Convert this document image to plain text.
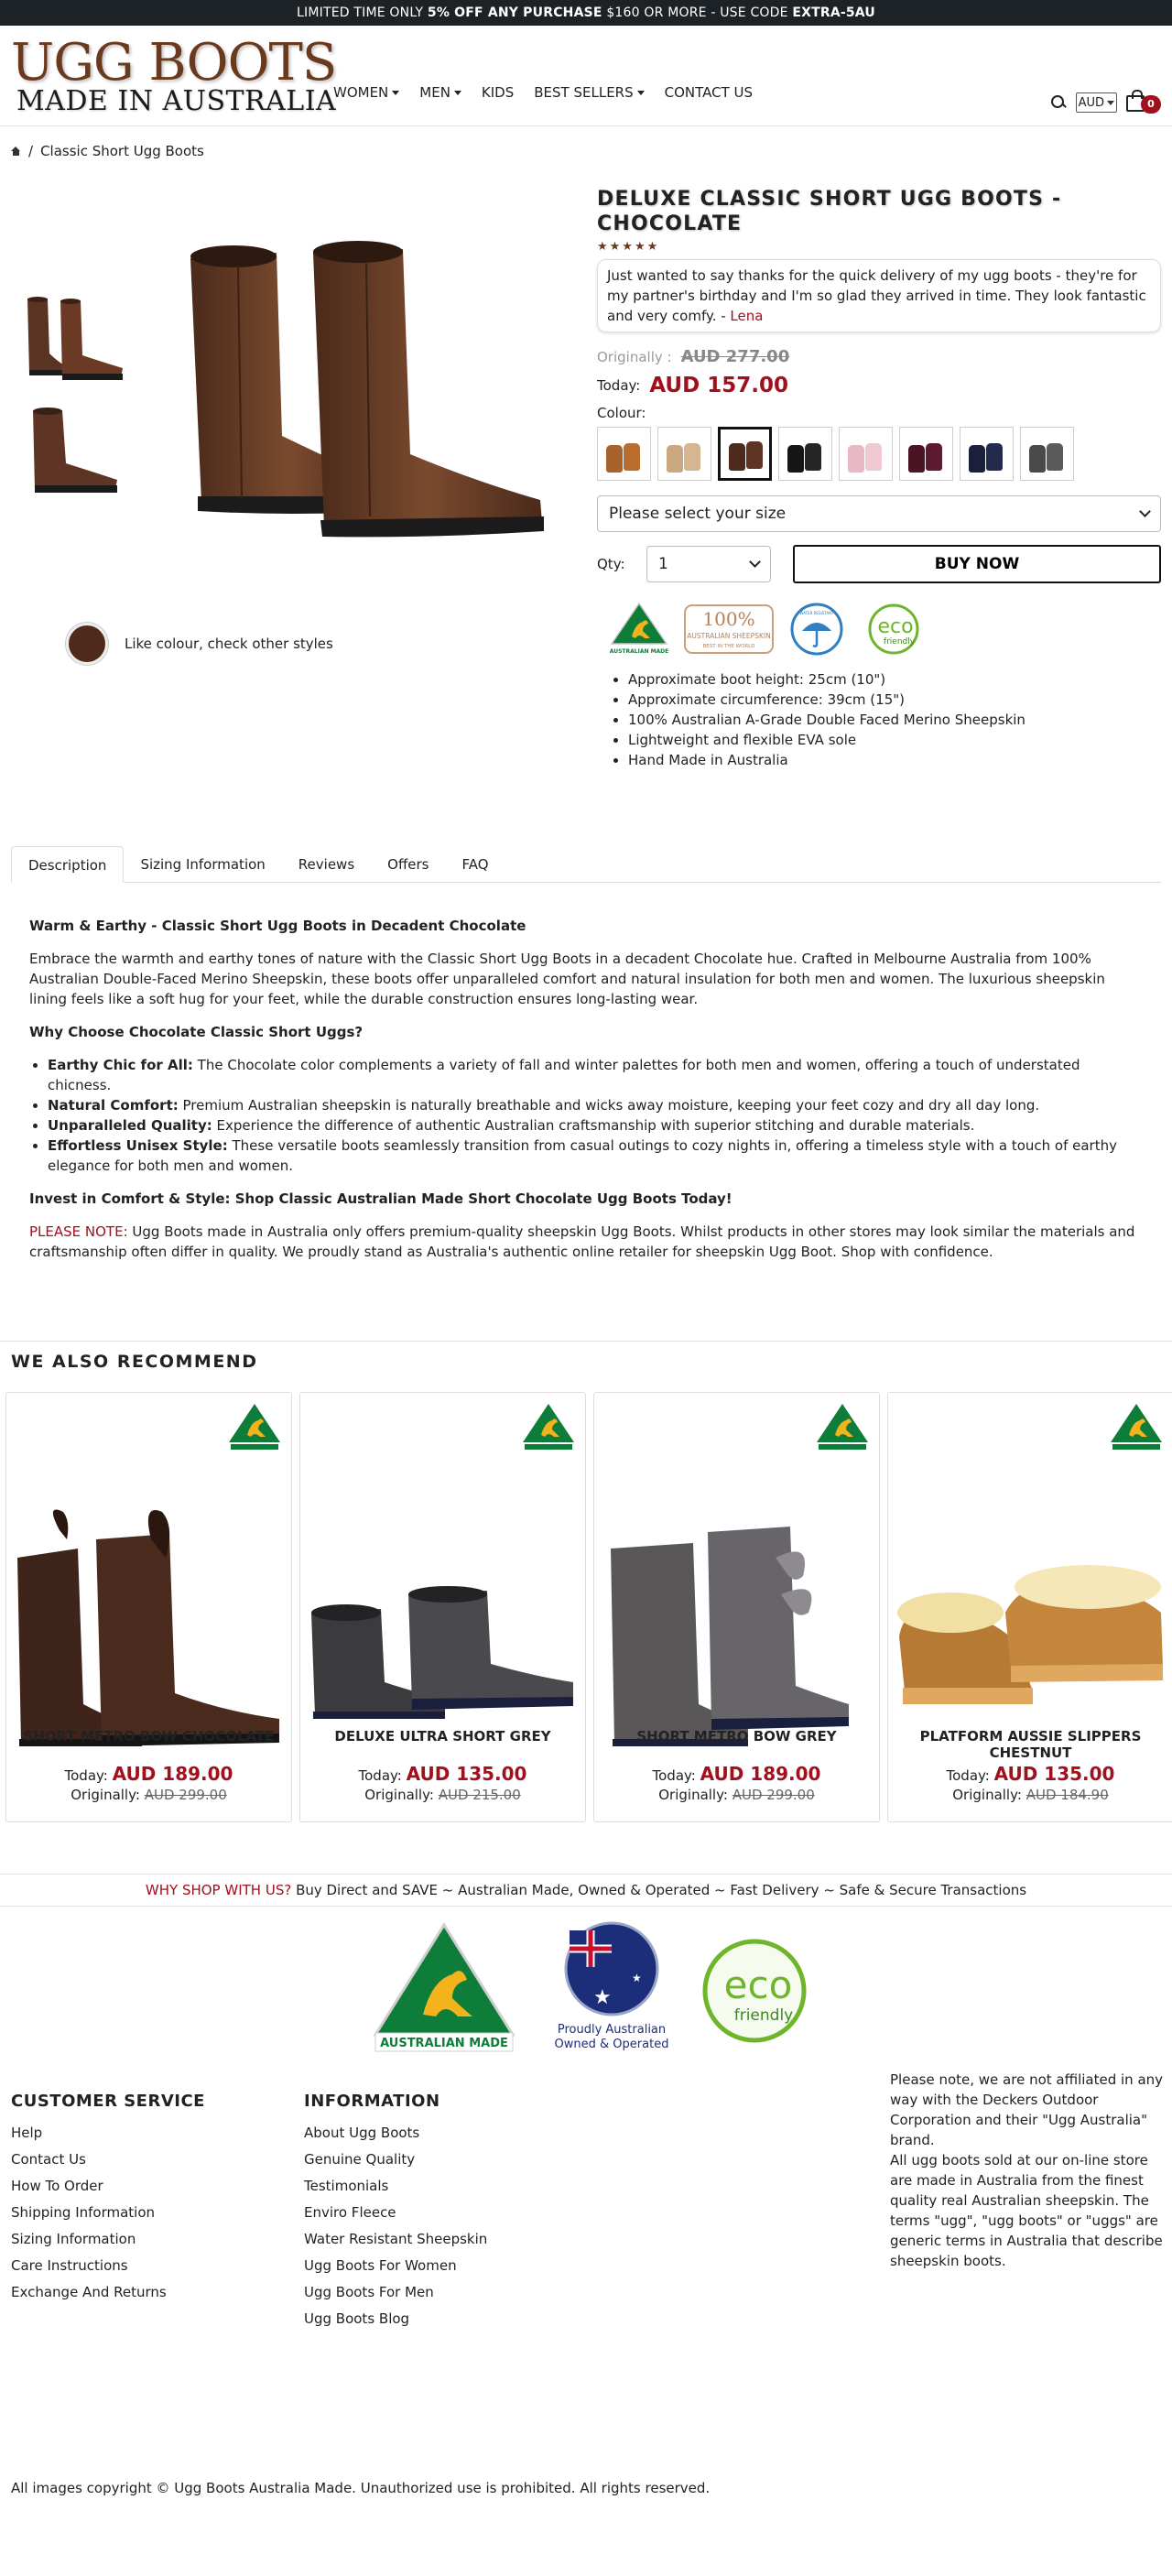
LIMITED TIME ONLY 5% OFF ANY PURCHASE $160 OR MORE - USE CODE EXTRA-5AU
UGG BOOTS
MADE IN AUSTRALIA
WOMEN MEN KIDS BEST SELLERS CONTACT US
AUD	0
/ Classic Short Ugg Boots
Like colour, check other styles
DELUXE CLASSIC SHORT UGG BOOTS - CHOCOLATE
★★★★★
Just wanted to say thanks for the quick delivery of my ugg boots - they're for my partner's birthday and I'm so glad they arrived in time. They look fantastic and very comfy. - Lena
Originally : AUD 277.00
Today: AUD 157.00
Colour:
Please select your size
Qty:	1	BUY NOW
AUSTRALIAN MADE
100%
AUSTRALIAN SHEEPSKIN
BEST IN THE WORLD
WATER RESISTANT
eco
friendly
• Approximate boot height: 25cm (10")
• Approximate circumference: 39cm (15")
• 100% Australian A-Grade Double Faced Merino Sheepskin
• Lightweight and flexible EVA sole
• Hand Made in Australia
Description	Sizing Information	Reviews	Offers	FAQ
Warm & Earthy - Classic Short Ugg Boots in Decadent Chocolate

Embrace the warmth and earthy tones of nature with the Classic Short Ugg Boots in a decadent Chocolate hue. Crafted in Melbourne Australia from 100% Australian Double-Faced Merino Sheepskin, these boots offer unparalleled comfort and natural insulation for both men and women. The luxurious sheepskin lining feels like a soft hug for your feet, while the durable construction ensures long-lasting wear.

Why Choose Chocolate Classic Short Uggs?
• Earthy Chic for All: The Chocolate color complements a variety of fall and winter palettes for both men and women, offering a touch of understated chicness.
• Natural Comfort: Premium Australian sheepskin is naturally breathable and wicks away moisture, keeping your feet cozy and dry all day long.
• Unparalleled Quality: Experience the difference of authentic Australian craftsmanship with superior stitching and durable materials.
• Effortless Unisex Style: These versatile boots seamlessly transition from casual outings to cozy nights in, offering a timeless style with a touch of earthy elegance for both men and women.
Invest in Comfort & Style: Shop Classic Australian Made Short Chocolate Ugg Boots Today!

PLEASE NOTE: Ugg Boots made in Australia only offers premium-quality sheepskin Ugg Boots. Whilst products in other stores may look similar the materials and craftsmanship often differ in quality. We proudly stand as Australia's authentic online retailer for sheepskin Ugg Boot. Shop with confidence.

WE ALSO RECOMMEND
SHORT METRO BOW CHOCOLATE
Today: AUD 189.00
Originally: AUD 299.00
DELUXE ULTRA SHORT GREY
Today: AUD 135.00
Originally: AUD 215.00
SHORT METRO BOW GREY
Today: AUD 189.00
Originally: AUD 299.00
PLATFORM AUSSIE SLIPPERS CHESTNUT
Today: AUD 135.00
Originally: AUD 184.90
WHY SHOP WITH US? Buy Direct and SAVE ~ Australian Made, Owned & Operated ~ Fast Delivery ~ Safe & Secure Transactions
AUSTRALIAN MADE
★
★
Proudly Australian
Owned & Operated
eco
friendly
CUSTOMER SERVICE
Help
Contact Us
How To Order
Shipping Information
Sizing Information
Care Instructions
Exchange And Returns
INFORMATION
About Ugg Boots
Genuine Quality
Testimonials
Enviro Fleece
Water Resistant Sheepskin
Ugg Boots For Women
Ugg Boots For Men
Ugg Boots Blog
Please note, we are not affiliated in any way with the Deckers Outdoor Corporation and their "Ugg Australia" brand.
All ugg boots sold at our on-line store are made in Australia from the finest quality real Australian sheepskin. The terms "ugg", "ugg boots" or "uggs" are generic terms in Australia that describe sheepskin boots.
All images copyright © Ugg Boots Australia Made. Unauthorized use is prohibited. All rights reserved.
